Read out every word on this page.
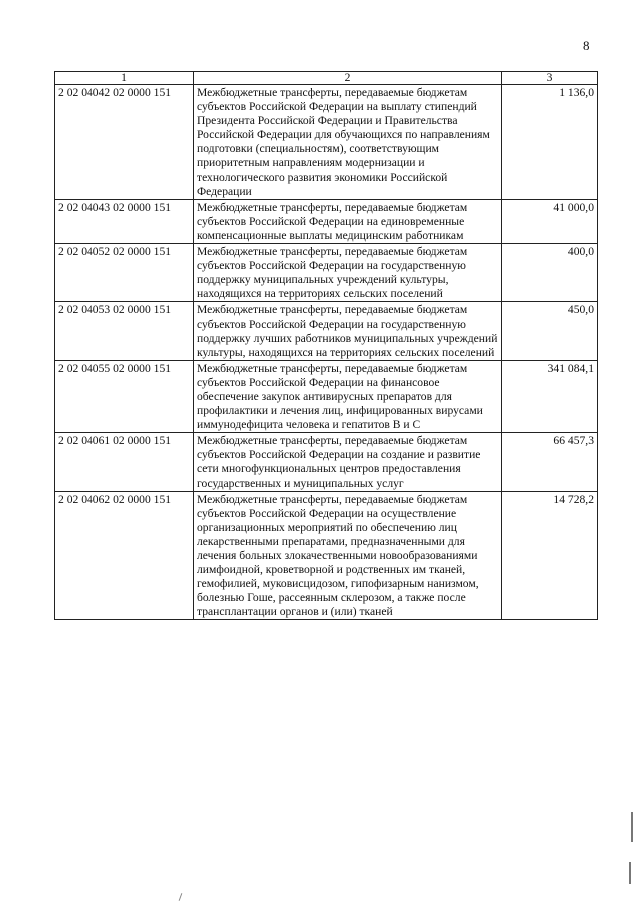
8
1	2	3
2 02 04042 02 0000 151	Межбюджетные трансферты, передаваемые бюджетам субъектов Российской Федерации на выплату стипендий Президента Российской Федерации и Правительства Российской Федерации для обучающихся по направлениям подготовки (специальностям), соответствующим приоритетным направлениям модернизации и технологического развития экономики Российской Федерации	1 136,0
2 02 04043 02 0000 151	Межбюджетные трансферты, передаваемые бюджетам субъектов Российской Федерации на единовременные компенсационные выплаты медицинским работникам	41 000,0
2 02 04052 02 0000 151	Межбюджетные трансферты, передаваемые бюджетам субъектов Российской Федерации на государственную поддержку муниципальных учреждений культуры, находящихся на территориях сельских поселений	400,0
2 02 04053 02 0000 151	Межбюджетные трансферты, передаваемые бюджетам субъектов Российской Федерации на государственную поддержку лучших работников муниципальных учреждений культуры, находящихся на территориях сельских поселений	450,0
2 02 04055 02 0000 151	Межбюджетные трансферты, передаваемые бюджетам субъектов Российской Федерации на финансовое обеспечение закупок антивирусных препаратов для профилактики и лечения лиц, инфицированных вирусами иммунодефицита человека и гепатитов B и C	341 084,1
2 02 04061 02 0000 151	Межбюджетные трансферты, передаваемые бюджетам субъектов Российской Федерации на создание и развитие сети многофункциональных центров предоставления государственных и муниципальных услуг	66 457,3
2 02 04062 02 0000 151	Межбюджетные трансферты, передаваемые бюджетам субъектов Российской Федерации на осуществление организационных мероприятий по обеспечению лиц лекарственными препаратами, предназначенными для лечения больных злокачественными новообразованиями лимфоидной, кроветворной и родственных им тканей, гемофилией, муковисцидозом, гипофизарным нанизмом, болезнью Гоше, рассеянным склерозом, а также после трансплантации органов и (или) тканей	14 728,2
